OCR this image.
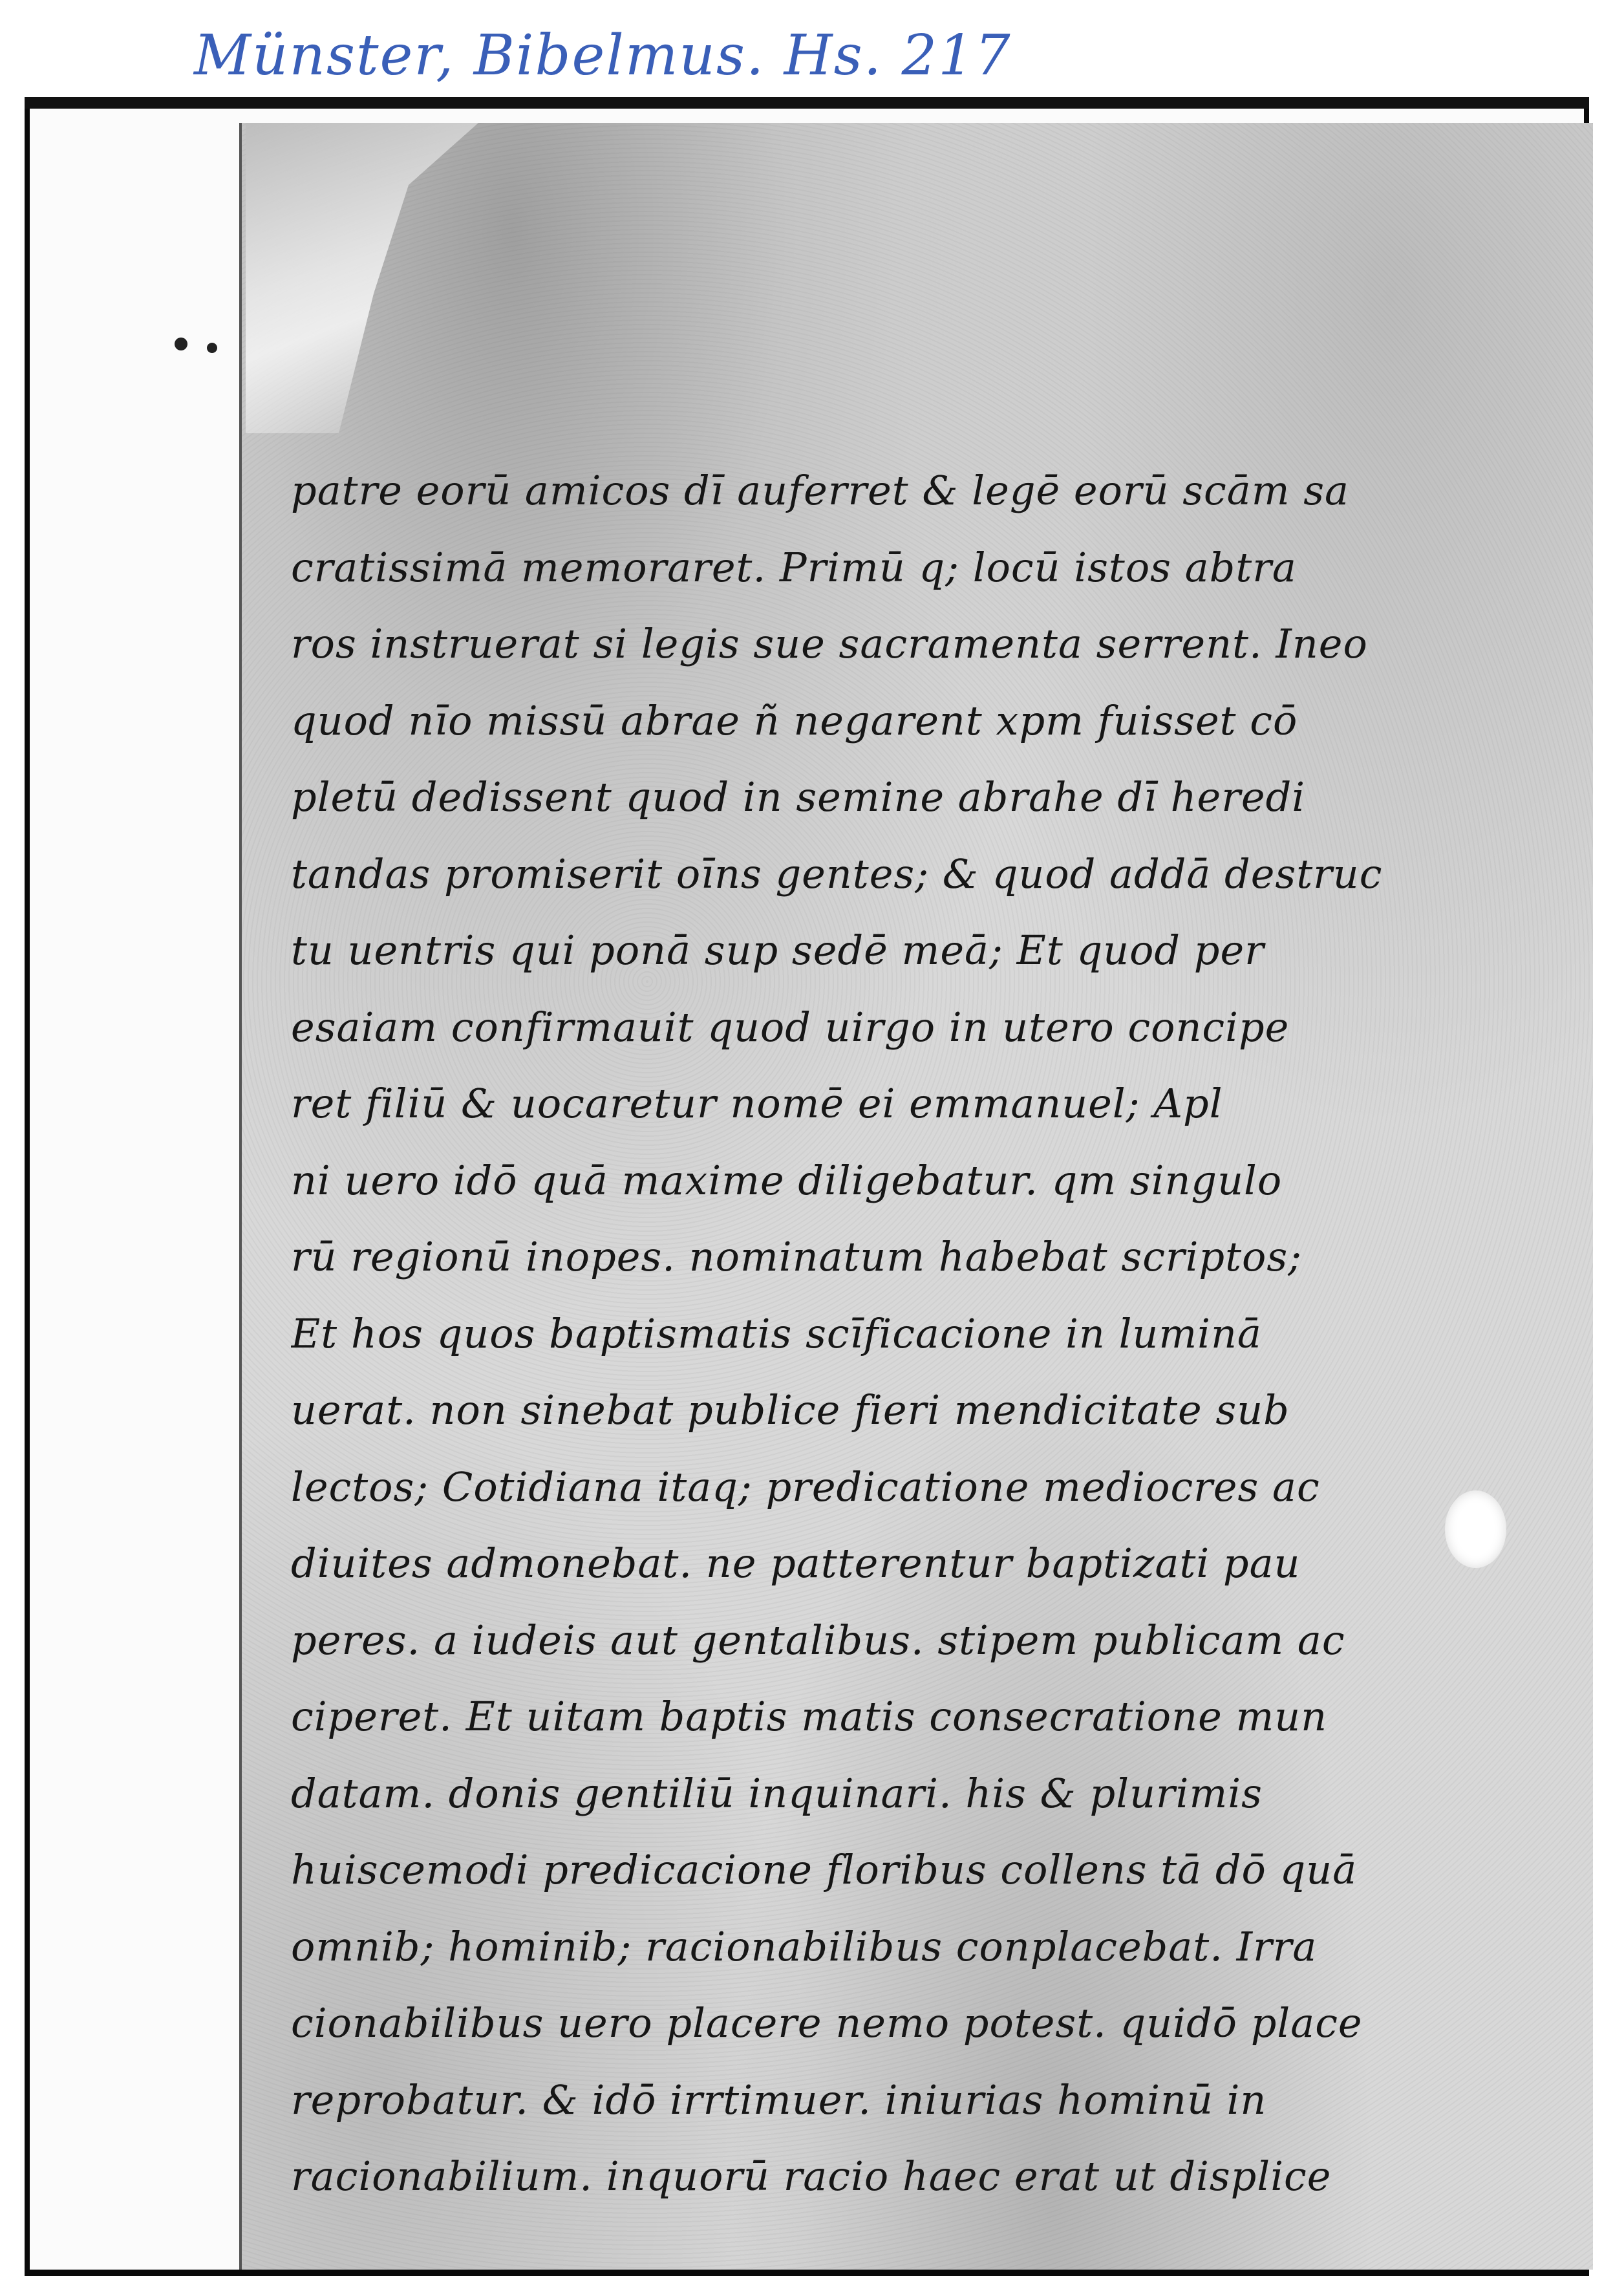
Münster, Bibelmus. Hs. 217
patre eorū amicos dī auferret & legē eorū scām sa
cratissimā memoraret. Primū q; locū istos abtra
ros instruerat si legis sue sacramenta serrent. Ineo
quod nīo missū abrae ñ negarent xpm fuisset cō
pletū dedissent quod in semine abrahe dī heredi
tandas promiserit oīns gentes; & quod addā destruc
tu uentris qui ponā sup sedē meā; Et quod per
esaiam confirmauit quod uirgo in utero concipe
ret filiū & uocaretur nomē ei emmanuel; Apl
ni uero idō quā maxime diligebatur. qm singulo
rū regionū inopes. nominatum habebat scriptos;
Et hos quos baptismatis scīficacione in luminā
uerat. non sinebat publice fieri mendicitate sub
lectos; Cotidiana itaq; predicatione mediocres ac
diuites admonebat. ne patterentur baptizati pau
peres. a iudeis aut gentalibus. stipem publicam ac
ciperet. Et uitam baptis matis consecratione mun
datam. donis gentiliū inquinari. his & plurimis
huiscemodi predicacione floribus collens tā dō quā
omnib; hominib; racionabilibus conplacebat. Irra
cionabilibus uero placere nemo potest. quidō place
reprobatur. & idō irrtimuer. iniurias hominū in
racionabilium. inquorū racio haec erat ut displice
